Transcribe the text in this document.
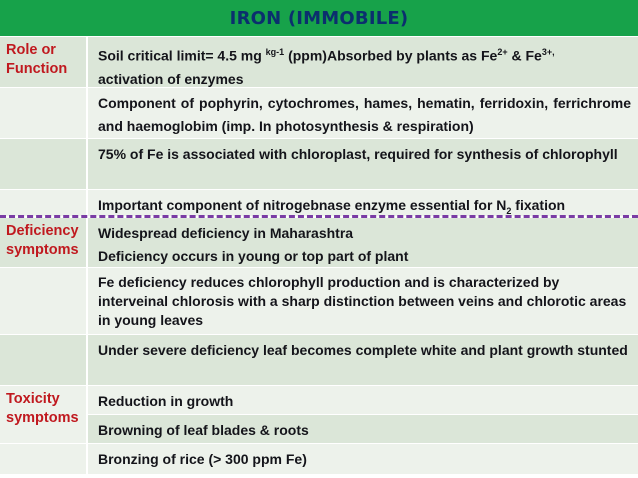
IRON (IMMOBILE)
Role or Function
Soil critical limit= 4.5 mg $^{kg-1}$ (ppm)Absorbed by plants as $Fe^{2+}$ & $Fe^{3+,}$
activation of enzymes
Component of pophyrin, cytochromes, hames, hematin, ferridoxin, ferrichrome and haemoglobim (imp. In photosynthesis & respiration)
75% of Fe is associated with chloroplast, required for synthesis of chlorophyll
Important component of nitrogebnase enzyme essential for $N_2$ fixation
Deficiency symptoms
Widespread deficiency in Maharashtra
Deficiency occurs in young or top part of plant
Fe deficiency reduces chlorophyll production and is characterized by interveinal chlorosis with a sharp distinction between veins and chlorotic areas in young leaves
Under severe deficiency leaf becomes complete white and plant growth stunted
Toxicity symptoms
Reduction in growth
Browning of leaf blades & roots
Bronzing of rice (> 300 ppm Fe)
